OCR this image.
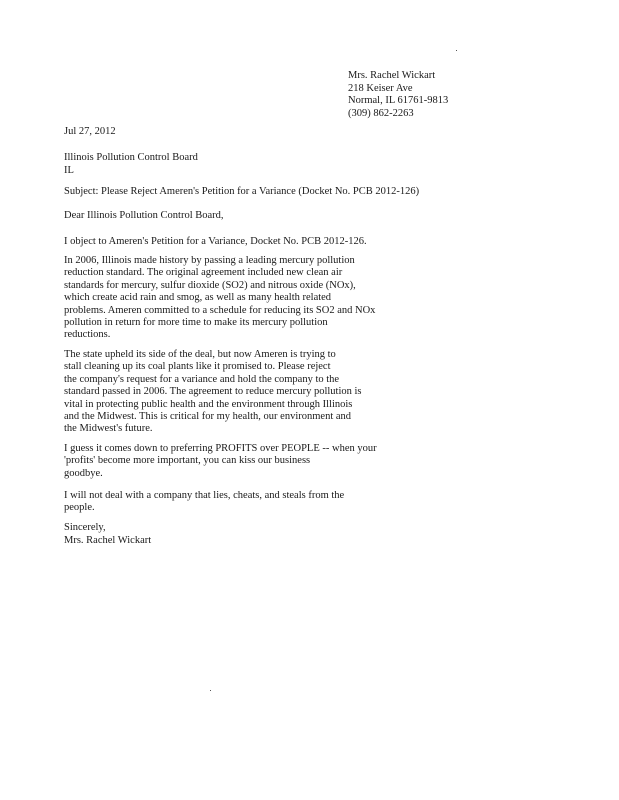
Mrs. Rachel Wickart
218 Keiser Ave
Normal, IL 61761-9813
(309) 862-2263
Jul 27, 2012
Illinois Pollution Control Board
IL
Subject: Please Reject Ameren's Petition for a Variance (Docket No. PCB 2012-126)
Dear Illinois Pollution Control Board,
I object to Ameren's Petition for a Variance, Docket No. PCB 2012-126.
In 2006, Illinois made history by passing a leading mercury pollution
reduction standard. The original agreement included new clean air
standards for mercury, sulfur dioxide (SO2) and nitrous oxide (NOx),
which create acid rain and smog, as well as many health related
problems. Ameren committed to a schedule for reducing its SO2 and NOx
pollution in return for more time to make its mercury pollution
reductions.
The state upheld its side of the deal, but now Ameren is trying to
stall cleaning up its coal plants like it promised to. Please reject
the company's request for a variance and hold the company to the
standard passed in 2006. The agreement to reduce mercury pollution is
vital in protecting public health and the environment through Illinois
and the Midwest. This is critical for my health, our environment and
the Midwest's future.
I guess it comes down to preferring PROFITS over PEOPLE -- when your
'profits' become more important, you can kiss our business
goodbye.
I will not deal with a company that lies, cheats, and steals from the
people.
Sincerely,
Mrs. Rachel Wickart
